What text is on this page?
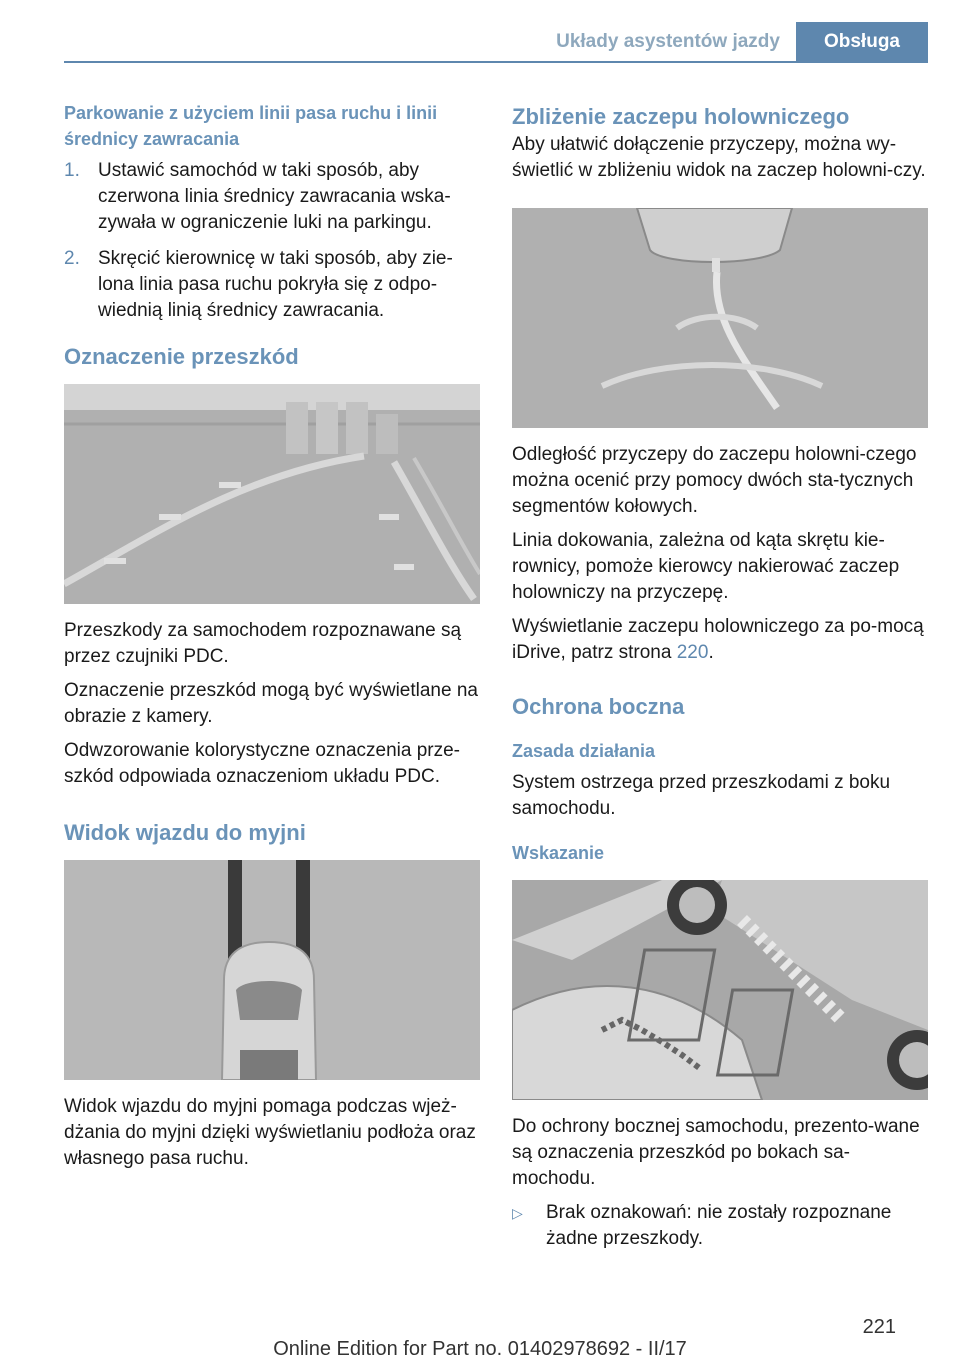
Układy asystentów jazdy	Obsługa
Parkowanie z użyciem linii pasa ruchu i linii średnicy zawracania
1. Ustawić samochód w taki sposób, aby czerwona linia średnicy zawracania wska-zywała w ograniczenie luki na parkingu.
2. Skręcić kierownicę w taki sposób, aby zie-lona linia pasa ruchu pokryła się z odpo-wiednią linią średnicy zawracania.
Oznaczenie przeszkód

Przeszkody za samochodem rozpoznawane są przez czujniki PDC.

Oznaczenie przeszkód mogą być wyświetlane na obrazie z kamery.

Odwzorowanie kolorystyczne oznaczenia prze-szkód odpowiada oznaczeniom układu PDC.

Widok wjazdu do myjni

Widok wjazdu do myjni pomaga podczas wjeż-dżania do myjni dzięki wyświetlaniu podłoża oraz własnego pasa ruchu.

Zbliżenie zaczepu holowniczego

Aby ułatwić dołączenie przyczepy, można wy-świetlić w zbliżeniu widok na zaczep holowni-czy.

Odległość przyczepy do zaczepu holowni-czego można ocenić przy pomocy dwóch sta-tycznych segmentów kołowych.

Linia dokowania, zależna od kąta skrętu kie-rownicy, pomoże kierowcy nakierować zaczep holowniczy na przyczepę.

Wyświetlanie zaczepu holowniczego za po-mocą iDrive, patrz strona 220.

Ochrona boczna
Zasada działania

System ostrzega przed przeszkodami z boku samochodu.

Wskazanie

Do ochrony bocznej samochodu, prezento-wane są oznaczenia przeszkód po bokach sa-mochodu.

▷	Brak oznakowań: nie zostały rozpoznane żadne przeszkody.
221
Online Edition for Part no. 01402978692 - II/17
